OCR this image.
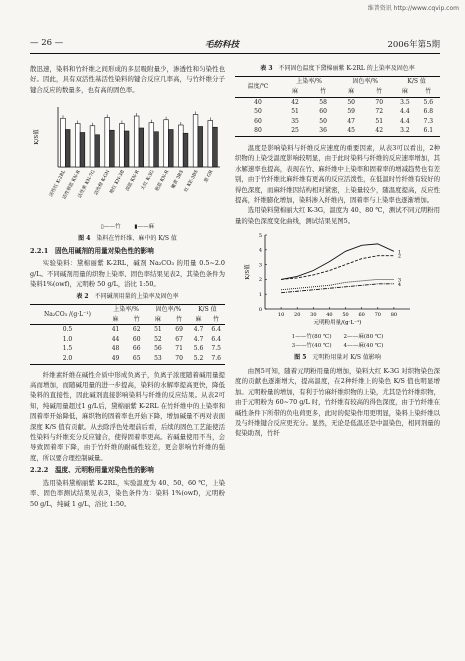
维普资讯 http://www.cqvip.com
— 26 —	毛纺科技	2006年第5期

散迅速，染料和竹纤维之间形成的多层吸附量少，渗透性和匀染性也好。因此，具有双活性基活性染料的键合反应几率高，与竹纤维分子键合反应的数量多，也有高的固色率。

K/S值
活性红 K-2RL
活性翠蓝 KN-R
活性黄 KN-7G
活性橙 K-GN
艳红 KN-3B 深蓝 KN-R 大红 K-3G 艳蓝 KN-R 嫩黄 3RS 红 KE-3BS 黑 GR
▯——竹 ▮——麻
图 4　 染料在竹纤维、麻中的 K/S 值
2.2.1　固色用碱剂的用量对染色性的影响

实验染料：黛棉丽紫 K-2RL，碱剂 Na₂CO₃ 的用量 0.5~2.0 g/L。不同碱剂用量的织物上染率、固色率结果见表2，其染色条件为染料1%(owf)，元明粉 50 g/L，浴比 1:50。

表 2　 不同碱剂用量的上染率及固色率
Na₂CO₃ /(g·L⁻¹)	上染率/%		固色率/%		K/S 值	
	麻	竹	麻	竹	麻	竹
0.5	41	62	51	69	4.7	6.4
1.0	44	60	52	67	4.7	6.4
1.5	48	66	56	71	5.6	7.5
2.0	49	65	53	70	5.2	7.6

纤维素纤维在碱性介质中形成负离子，负离子浓度随着碱用量提高而增加，而随碱用量的进一步提高，染料的水解率提高更快，降低染料的直接性，因此碱剂直接影响染料与纤维的反应结果。从表2可知，纯碱用量超过1 g/L后，黛棉丽紫 K-2RL 在竹纤维中的上染率和固着率开始降低，麻织物的固着率也开始下降，增加碱量不再对表面深度 K/S 值有贡献。从去除浮色处理前后看，后续的固色工艺能使活性染料与纤维充分反应键合，使得固着率更高。若碱量使用不当，会导致固着率下降，由于竹纤维的耐碱性较差，更会影响竹纤维的强度，所以要合理控制碱量。

2.2.2　温度、元明粉用量对染色性的影响

选用染料黛棉丽紫 K-2RL，实验温度为 40、50、60 ℃，上染率、固色率测试结果见表3，染色条件为：染料 1%(owf)，元明粉 50 g/L，纯碱 1 g/L，浴比 1:50。

表 3　 不同固色温度下黛棉丽紫 K-2RL 的上染率及固色率
温度/℃	上染率/%		固色率/%		K/S 值	
	麻	竹	麻	竹	麻	竹
40	42	58	50	70	3.5	5.6
50	51	60	59	72	4.4	6.8
60	35	50	47	51	4.4	7.3
80	25	36	45	42	3.2	6.1

温度是影响染料与纤维反应速度的重要因素，从表3可以看出，2种织物的上染受温度影响较明显，由于此时染料与纤维的反应速率增加，其水解速率也提高，表现在竹、麻纤维中上染率和固着率的增减趋势也有差别，由于竹纤维比麻纤维有更高的反应活泼性，在低温时竹纤维有较好的得色深度，而麻纤维因结构相对紧密，上染量较少，随温度提高，反应性提高，纤维膨化增加，染料渗入纤维内，固着率与上染率也逐渐增加。

选用染料黛棉丽大红 K-3G，温度为 40、80 ℃，测试不同元明粉用量的染色深度变化曲线，测试结果见图5。

0
1
2
3
4
5
10 20 30 40 50 60 70 80
K/S值
元明粉用量/(g·L⁻¹)
1
2
3
4
1——竹(80 ℃) 2——麻(80 ℃)
3——竹(40 ℃) 4——麻(40 ℃)
图 5　 元明粉用量对 K/S 值影响

由图5可知，随着元明粉用量的增加，染料大红 K-3G 对织物染色深度的贡献也逐渐增大，提高温度，在2种纤维上的染色 K/S 值也明显增加。元明粉量的增加，有利于竹麻纤维织物的上染，尤其是竹纤维织物，由于元明粉为 60~70 g/L 时，竹纤维有较高的得色深度，由于竹纤维在碱性条件下所带的负电荷更多，此时的促染作用更明显，染料上染纤维以及与纤维键合反应更充分。显然，无论是低温还是中温染色，相同剂量的促染助剂，竹纤
